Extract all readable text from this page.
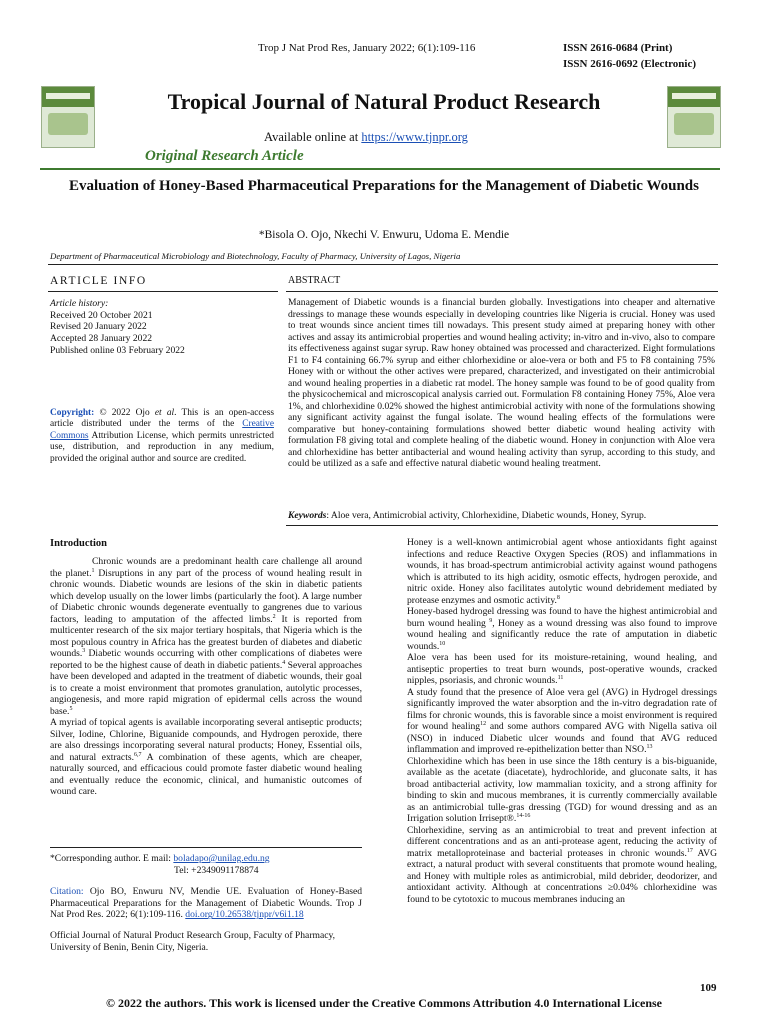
Trop J Nat Prod Res, January 2022; 6(1):109-116	ISSN 2616-0684 (Print)
ISSN 2616-0692 (Electronic)
Tropical Journal of Natural Product Research
Available online at https://www.tjnpr.org
Original Research Article
Evaluation of Honey-Based Pharmaceutical Preparations for the Management of Diabetic Wounds
*Bisola O. Ojo, Nkechi V. Enwuru, Udoma E. Mendie
Department of Pharmaceutical Microbiology and Biotechnology, Faculty of Pharmacy, University of Lagos, Nigeria
ARTICLE INFO	ABSTRACT
Article history:
Received 20 October 2021
Revised 20 January 2022
Accepted 28 January 2022
Published online 03 February 2022
Copyright: © 2022 Ojo et al. This is an open-access article distributed under the terms of the Creative Commons Attribution License, which permits unrestricted use, distribution, and reproduction in any medium, provided the original author and source are credited.
Management of Diabetic wounds is a financial burden globally. Investigations into cheaper and alternative dressings to manage these wounds especially in developing countries like Nigeria is crucial. Honey was used to treat wounds since ancient times till nowadays. This present study aimed at preparing honey with other actives and assay its antimicrobial properties and wound healing activity; in-vitro and in-vivo, also to compare its effectiveness against sugar syrup. Raw honey obtained was processed and characterized. Eight formulations F1 to F4 containing 66.7% syrup and either chlorhexidine or aloe-vera or both and F5 to F8 containing 75% Honey with or without the other actives were prepared, characterized, and investigated on their antimicrobial and wound healing properties in a diabetic rat model. The honey sample was found to be of good quality from the physicochemical and microscopical analysis carried out. Formulation F8 containing Honey 75%, Aloe vera 1%, and chlorhexidine 0.02% showed the highest antimicrobial activity with none of the formulations showing any significant activity against the fungal isolate. The wound healing effects of the formulations were comparative but honey-containing formulations showed better diabetic wound healing activity with formulation F8 giving total and complete healing of the diabetic wound. Honey in conjunction with Aloe vera and chlorhexidine has better antibacterial and wound healing activity than syrup, according to this study, and could be utilized as a safe and effective natural diabetic wound healing treatment.
Keywords: Aloe vera, Antimicrobial activity, Chlorhexidine, Diabetic wounds, Honey, Syrup.
Introduction

Chronic wounds are a predominant health care challenge all around the planet.$^1$ Disruptions in any part of the process of wound healing result in chronic wounds. Diabetic wounds are lesions of the skin in diabetic patients which develop usually on the lower limbs (particularly the foot). A large number of Diabetic chronic wounds degenerate eventually to gangrenes due to various factors, leading to amputation of the affected limbs.$^2$ It is reported from multicenter research of the six major tertiary hospitals, that Nigeria which is the most populous country in Africa has the greatest burden of diabetes and diabetic wounds.$^3$ Diabetic wounds occurring with other complications of diabetes were reported to be the highest cause of death in diabetic patients.$^4$ Several approaches have been developed and adapted in the treatment of diabetic wounds, their goal is to create a moist environment that promotes granulation, autolytic processes, angiogenesis, and more rapid migration of epidermal cells across the wound base.$^5$

A myriad of topical agents is available incorporating several antiseptic products; Silver, Iodine, Chlorine, Biguanide compounds, and Hydrogen peroxide, there are also dressings incorporating several natural products; Honey, Essential oils, and natural extracts.$^{6,7}$ A combination of these agents, which are cheaper, naturally sourced, and efficacious could promote faster diabetic wound healing and eventually reduce the economic, clinical, and humanistic outcomes of wound care.

*Corresponding author. E mail: boladapo@unilag.edu.ng
Tel: +2349091178874
Citation: Ojo BO, Enwuru NV, Mendie UE. Evaluation of Honey-Based Pharmaceutical Preparations for the Management of Diabetic Wounds. Trop J Nat Prod Res. 2022; 6(1):109-116. doi.org/10.26538/tjnpr/v6i1.18
Official Journal of Natural Product Research Group, Faculty of Pharmacy, University of Benin, Benin City, Nigeria.

Honey is a well-known antimicrobial agent whose antioxidants fight against infections and reduce Reactive Oxygen Species (ROS) and inflammations in wounds, it has broad-spectrum antimicrobial activity against wound pathogens which is attributed to its high acidity, osmotic effects, hydrogen peroxide, and nitric oxide. Honey also facilitates autolytic wound debridement mediated by protease enzymes and osmotic activity.$^8$

Honey-based hydrogel dressing was found to have the highest antimicrobial and burn wound healing $^9$, Honey as a wound dressing was also found to improve wound healing and significantly reduce the rate of amputation in diabetic wounds.$^{10}$

Aloe vera has been used for its moisture-retaining, wound healing, and antiseptic properties to treat burn wounds, post-operative wounds, cracked nipples, psoriasis, and chronic wounds.$^{11}$

A study found that the presence of Aloe vera gel (AVG) in Hydrogel dressings significantly improved the water absorption and the in-vitro degradation rate of films for chronic wounds, this is favorable since a moist environment is required for wound healing$^{12}$ and some authors compared AVG with Nigella sativa oil (NSO) in induced Diabetic ulcer wounds and found that AVG reduced inflammation and improved re-epithelization better than NSO.$^{13}$

Chlorhexidine which has been in use since the 18th century is a bis-biguanide, available as the acetate (diacetate), hydrochloride, and gluconate salts, it has broad antibacterial activity, low mammalian toxicity, and a strong affinity for binding to skin and mucous membranes, it is currently commercially available as an antimicrobial tulle-gras dressing (TGD) for wound dressing and as an Irrigation solution Irrisept®.$^{14-16}$

Chlorhexidine, serving as an antimicrobial to treat and prevent infection at different concentrations and as an anti-protease agent, reducing the activity of matrix metalloproteinase and bacterial proteases in chronic wounds.$^{17}$ AVG extract, a natural product with several constituents that promote wound healing, and Honey with multiple roles as antimicrobial, mild debrider, deodorizer, and antioxidant activity. Although at concentrations ≥0.04% chlorhexidine was found to be cytotoxic to mucous membranes inducing an

109
© 2022 the authors. This work is licensed under the Creative Commons Attribution 4.0 International License
